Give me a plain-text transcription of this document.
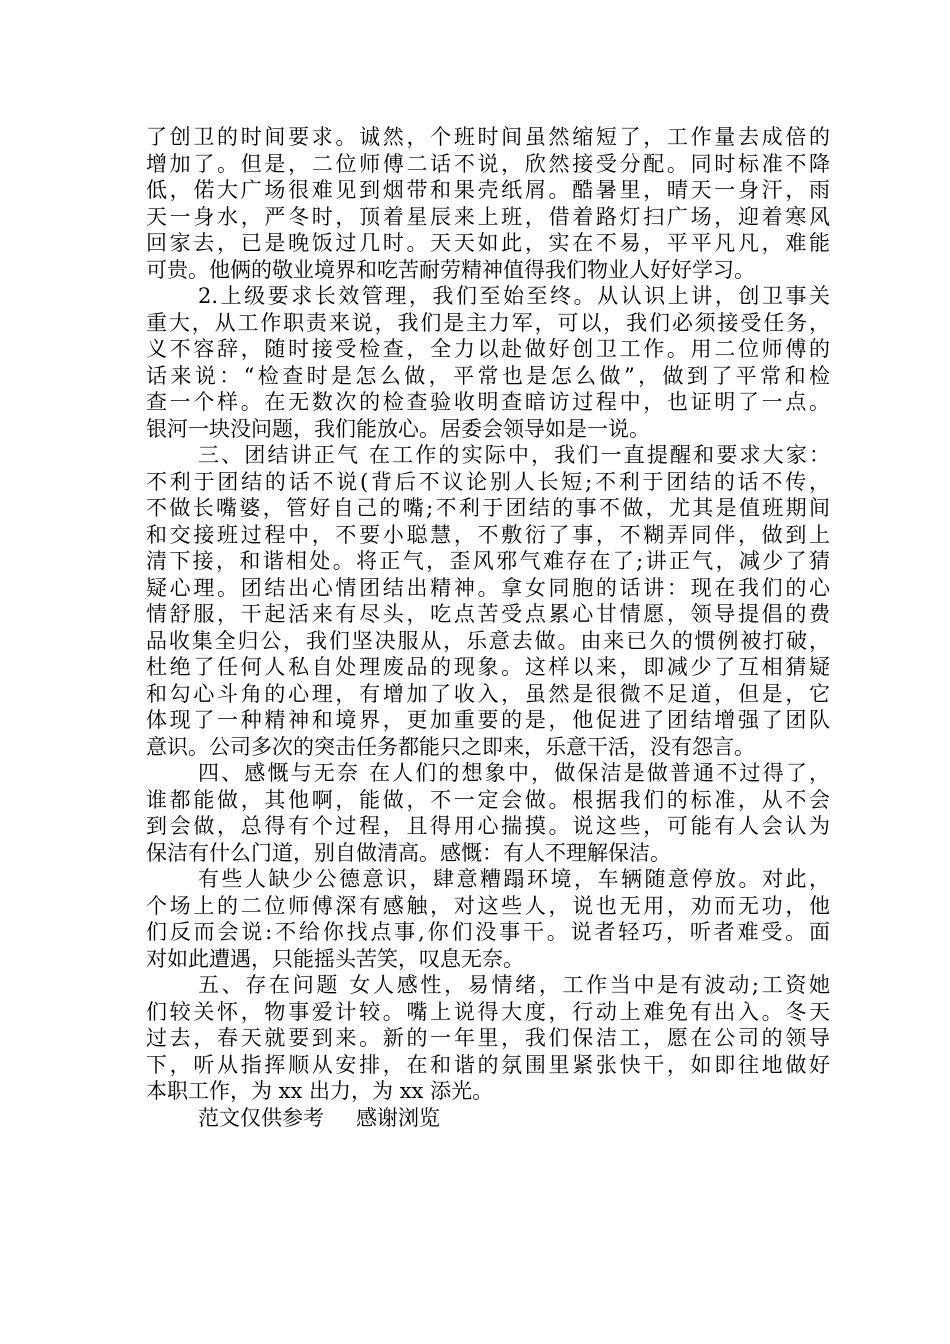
了创卫的时间要求。诚然，个班时间虽然缩短了，工作量去成倍的
增加了。但是，二位师傅二话不说，欣然接受分配。同时标准不降
低，偌大广场很难见到烟带和果壳纸屑。酷暑里，晴天一身汗，雨
天一身水，严冬时，顶着星辰来上班，借着路灯扫广场，迎着寒风
回家去，已是晚饭过几时。天天如此，实在不易，平平凡凡，难能
可贵。他俩的敬业境界和吃苦耐劳精神值得我们物业人好好学习。
2.上级要求长效管理，我们至始至终。从认识上讲，创卫事关
重大，从工作职责来说，我们是主力军，可以，我们必须接受任务，
义不容辞，随时接受检查，全力以赴做好创卫工作。用二位师傅的
话来说：“检查时是怎么做，平常也是怎么做”，做到了平常和检
查一个样。在无数次的检查验收明查暗访过程中，也证明了一点。
银河一块没问题，我们能放心。居委会领导如是一说。
三、团结讲正气 在工作的实际中，我们一直提醒和要求大家：
不利于团结的话不说(背后不议论别人长短;不利于团结的话不传，
不做长嘴婆，管好自己的嘴;不利于团结的事不做，尤其是值班期间
和交接班过程中，不要小聪慧，不敷衍了事，不糊弄同伴，做到上
清下接，和谐相处。将正气，歪风邪气难存在了;讲正气，减少了猜
疑心理。团结出心情团结出精神。拿女同胞的话讲：现在我们的心
情舒服，干起活来有尽头，吃点苦受点累心甘情愿，领导提倡的费
品收集全归公，我们坚决服从，乐意去做。由来已久的惯例被打破，
杜绝了任何人私自处理废品的现象。这样以来，即减少了互相猜疑
和勾心斗角的心理，有增加了收入，虽然是很微不足道，但是，它
体现了一种精神和境界，更加重要的是，他促进了团结增强了团队
意识。公司多次的突击任务都能只之即来，乐意干活，没有怨言。
四、感慨与无奈 在人们的想象中，做保洁是做普通不过得了，
谁都能做，其他啊，能做，不一定会做。根据我们的标准，从不会
到会做，总得有个过程，且得用心揣摸。说这些，可能有人会认为
保洁有什么门道，别自做清高。感慨：有人不理解保洁。
有些人缺少公德意识，肆意糟蹋环境，车辆随意停放。对此，
个场上的二位师傅深有感触，对这些人，说也无用，劝而无功，他
们反而会说:不给你找点事,你们没事干。说者轻巧，听者难受。面
对如此遭遇，只能摇头苦笑，叹息无奈。
五、存在问题 女人感性，易情绪，工作当中是有波动;工资她
们较关怀，物事爱计较。嘴上说得大度，行动上难免有出入。冬天
过去，春天就要到来。新的一年里，我们保洁工，愿在公司的领导
下，听从指挥顺从安排，在和谐的氛围里紧张快干，如即往地做好
本职工作，为 xx 出力，为 xx 添光。
范文仅供参考 感谢浏览
